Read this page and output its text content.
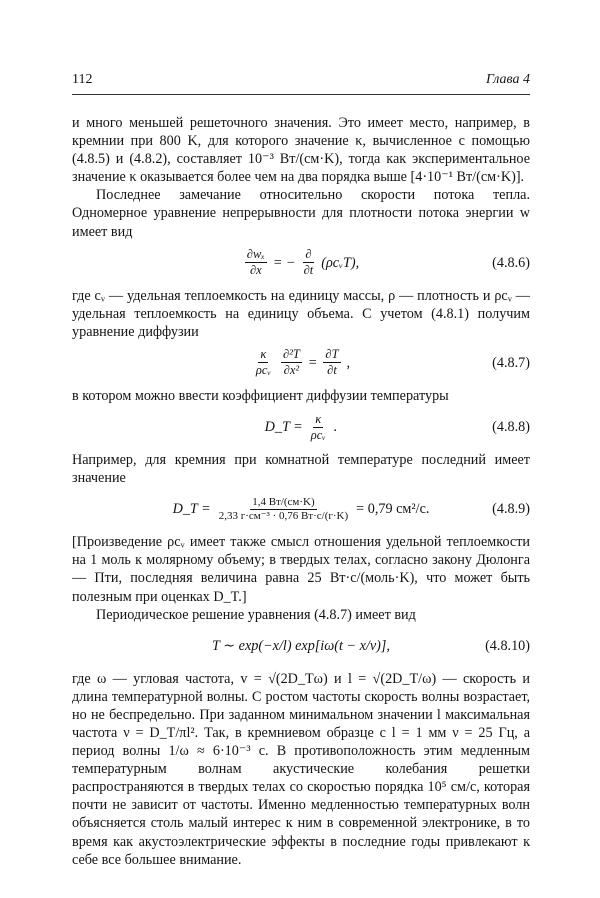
112	Глава 4

и много меньшей решеточного значения. Это имеет место, например, в кремнии при 800 K, для которого значение κ, вычисленное с помощью (4.8.5) и (4.8.2), составляет 10⁻³ Вт/(см·K), тогда как экспериментальное значение κ оказывается более чем на два порядка выше [4·10⁻¹ Вт/(см·K)].

Последнее замечание относительно скорости потока тепла. Одномерное уравнение непрерывности для плотности потока энергии w имеет вид

$\frac{\text{∂wₓ}}{\partial x}$ = − $\frac{\partial}{\partial t}$ (ρcᵥT),	(4.8.6)

где cᵥ — удельная теплоемкость на единицу массы, ρ — плотность и ρcᵥ — удельная теплоемкость на единицу объема. С учетом (4.8.1) получим уравнение диффузии

$\frac{\kappa}{\text{ρcᵥ}} \frac{\text{∂²T}}{\text{∂x²}} = \frac{\partial T}{\partial t}$ ,	(4.8.7)

в котором можно ввести коэффициент диффузии температуры

D_T = $\frac{\kappa}{\text{ρcᵥ}}$ .	(4.8.8)

Например, для кремния при комнатной температуре последний имеет значение

D_T = $\frac{1,4 Вт/(см\cdot K)}{\text{2,33 г·см⁻³ · 0,76 Вт·с/(г·K)}} = 0,79$ см²/с.	(4.8.9)

[Произведение ρcᵥ имеет также смысл отношения удельной теплоемкости на 1 моль к молярному объему; в твердых телах, согласно закону Дюлонга — Пти, последняя величина равна 25 Вт·с/(моль·K), что может быть полезным при оценках D_T.]

Периодическое решение уравнения (4.8.7) имеет вид

T ∼ exp(−x/l) exp[iω(t − x/v)],	(4.8.10)

где ω — угловая частота, v = √(2D_Tω) и l = √(2D_T/ω) — скорость и длина температурной волны. С ростом частоты скорость волны возрастает, но не беспредельно. При заданном минимальном значении l максимальная частота ν = D_T/πl². Так, в кремниевом образце с l = 1 мм ν = 25 Гц, а период волны 1/ω ≈ 6·10⁻³ с. В противоположность этим медленным температурным волнам акустические колебания решетки распространяются в твердых телах со скоростью порядка 10⁵ см/с, которая почти не зависит от частоты. Именно медленностью температурных волн объясняется столь малый интерес к ним в современной электронике, в то время как акустоэлектрические эффекты в последние годы привлекают к себе все большее внимание.
